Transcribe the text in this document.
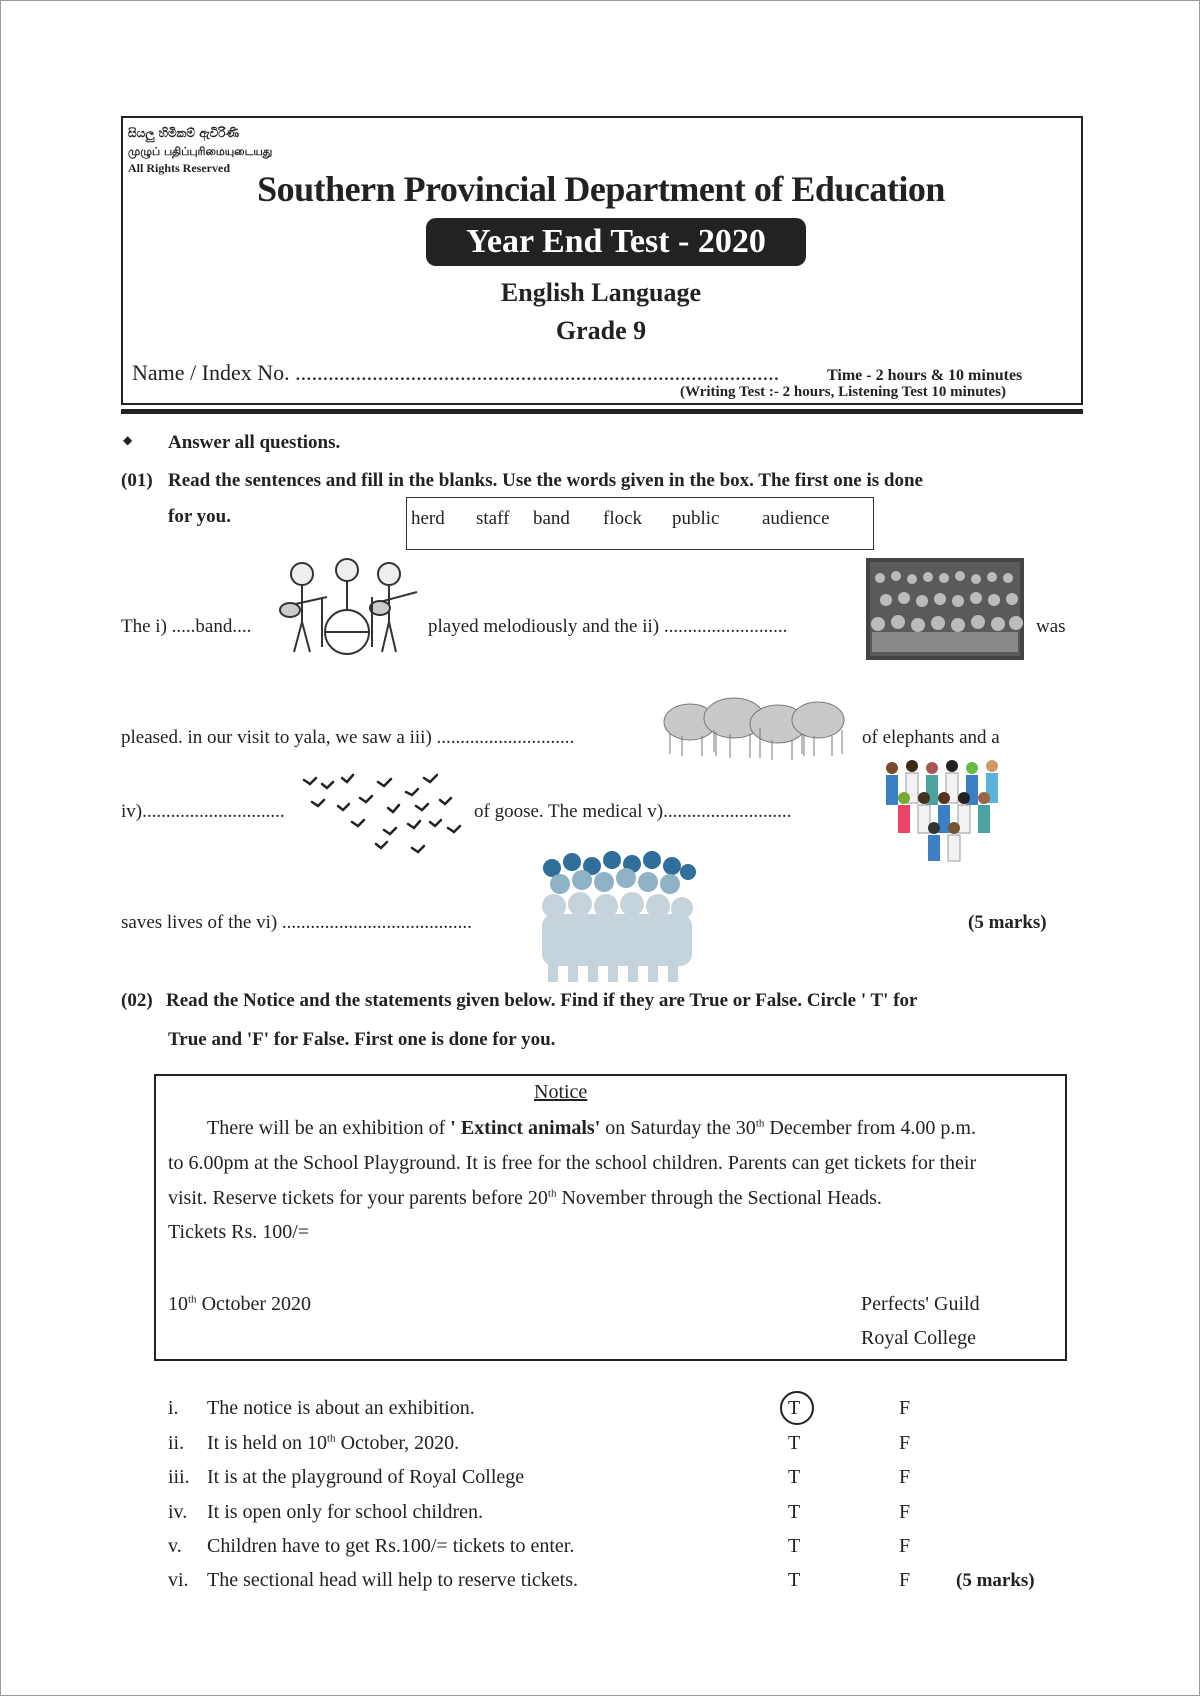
සියලු හිමිකම් ඇවිරිණි
முழுப் பதிப்புரிமையுடையது
All Rights Reserved
Southern Provincial Department of Education
Year End Test - 2020
English Language
Grade 9
Name / Index No. ........................................................................................	Time - 2 hours & 10 minutes
(Writing Test :- 2 hours, Listening Test 10 minutes)
◆ Answer all questions.
(01) Read the sentences and fill in the blanks. Use the words given in the box. The first one is done
for you.	herd staff band flock public audience
The i) .....band....	played melodiously and the ii) ..........................	was
pleased. in our visit to yala, we saw a iii) .............................	of elephants and a
iv)..............................	of goose. The medical v)...........................
saves lives of the vi) ........................................	(5 marks)
(02) Read the Notice and the statements given below. Find if they are True or False. Circle ' T' for
True and 'F' for False. First one is done for you.
Notice
There will be an exhibition of ' Extinct animals' on Saturday the 30th December from 4.00 p.m.
to 6.00pm at the School Playground. It is free for the school children. Parents can get tickets for their
visit. Reserve tickets for your parents before 20th November through the Sectional Heads.
Tickets Rs. 100/=
10th October 2020	Perfects' Guild
Royal College
i. The notice is about an exhibition.	T	F
ii. It is held on 10th October, 2020.	T	F
iii. It is at the playground of Royal College	T	F
iv. It is open only for school children.	T	F
v. Children have to get Rs.100/= tickets to enter.	T	F
vi. The sectional head will help to reserve tickets.	T	F (5 marks)
